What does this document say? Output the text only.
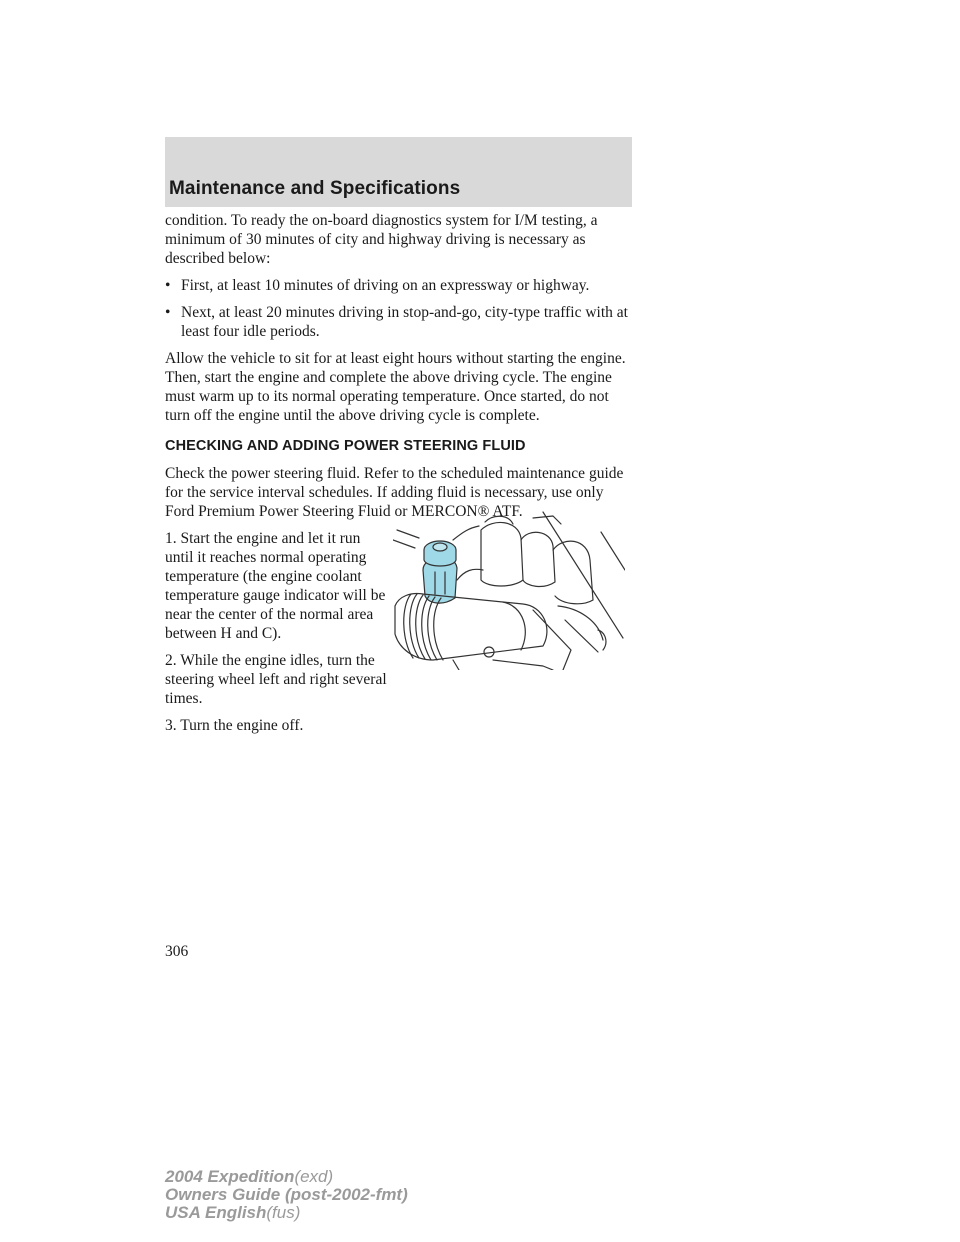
Maintenance and Specifications

condition. To ready the on-board diagnostics system for I/M testing, a minimum of 30 minutes of city and highway driving is necessary as described below:

• First, at least 10 minutes of driving on an expressway or highway.
• Next, at least 20 minutes driving in stop-and-go, city-type traffic with at least four idle periods.

Allow the vehicle to sit for at least eight hours without starting the engine. Then, start the engine and complete the above driving cycle. The engine must warm up to its normal operating temperature. Once started, do not turn off the engine until the above driving cycle is complete.

CHECKING AND ADDING POWER STEERING FLUID

Check the power steering fluid. Refer to the scheduled maintenance guide for the service interval schedules. If adding fluid is necessary, use only Ford Premium Power Steering Fluid or MERCON® ATF.

1. Start the engine and let it run until it reaches normal operating temperature (the engine coolant temperature gauge indicator will be near the center of the normal area between H and C).

2. While the engine idles, turn the steering wheel left and right several times.

3. Turn the engine off.

306
2004 Expedition(exd)
Owners Guide (post-2002-fmt)
USA English(fus)
